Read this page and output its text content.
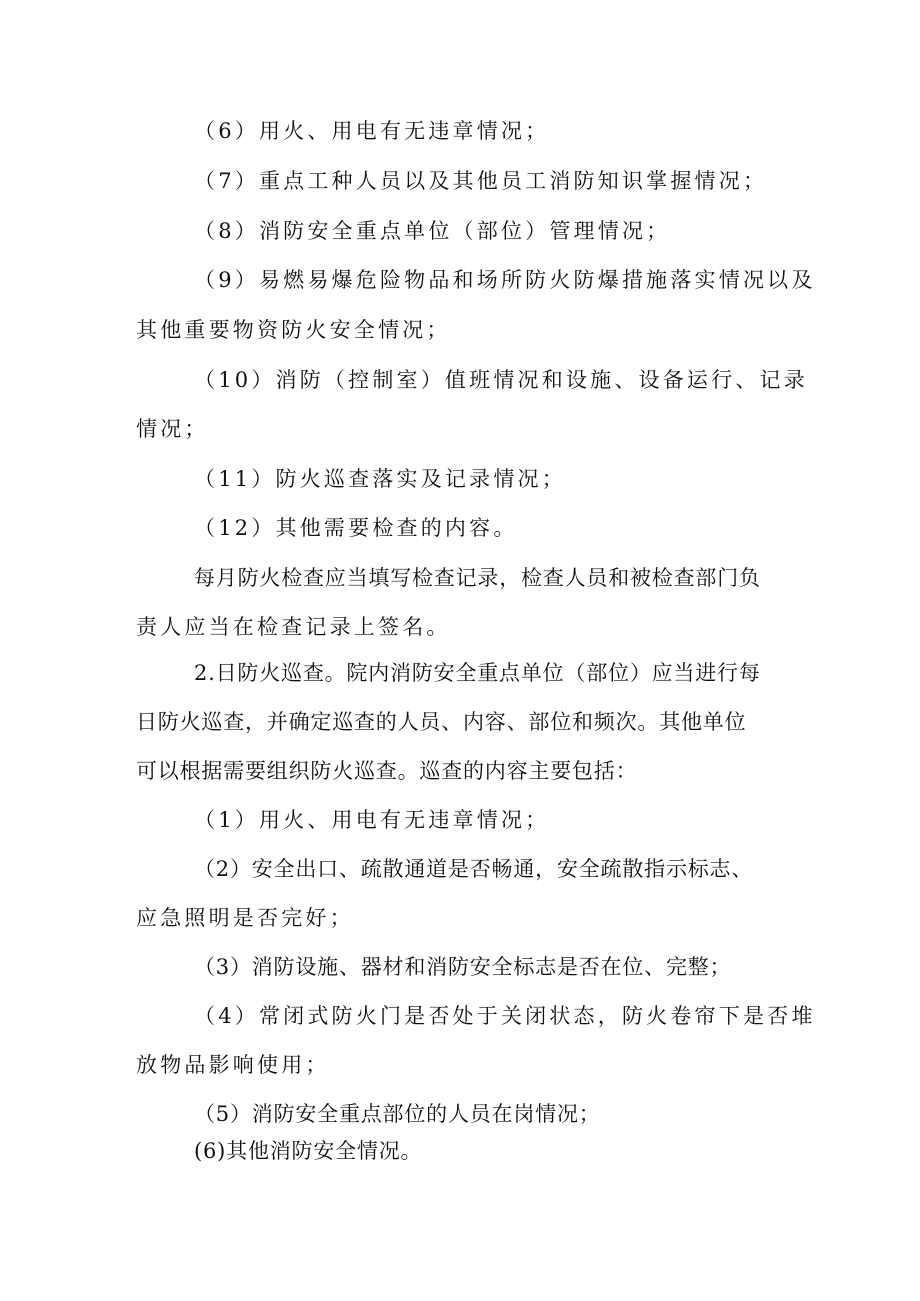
（6）用火、用电有无违章情况；
（7）重点工种人员以及其他员工消防知识掌握情况；
（8）消防安全重点单位（部位）管理情况；
（9）易燃易爆危险物品和场所防火防爆措施落实情况以及
其他重要物资防火安全情况；
（10）消防（控制室）值班情况和设施、设备运行、记录
情况；
（11）防火巡查落实及记录情况；
（12）其他需要检查的内容。
每月防火检查应当填写检查记录，检查人员和被检查部门负
责人应当在检查记录上签名。
2.日防火巡查。院内消防安全重点单位（部位）应当进行每
日防火巡查，并确定巡查的人员、内容、部位和频次。其他单位
可以根据需要组织防火巡查。巡查的内容主要包括：
（1）用火、用电有无违章情况；
（2）安全出口、疏散通道是否畅通，安全疏散指示标志、
应急照明是否完好；
（3）消防设施、器材和消防安全标志是否在位、完整；
（4）常闭式防火门是否处于关闭状态，防火卷帘下是否堆
放物品影响使用；
（5）消防安全重点部位的人员在岗情况；
(6)其他消防安全情况。
